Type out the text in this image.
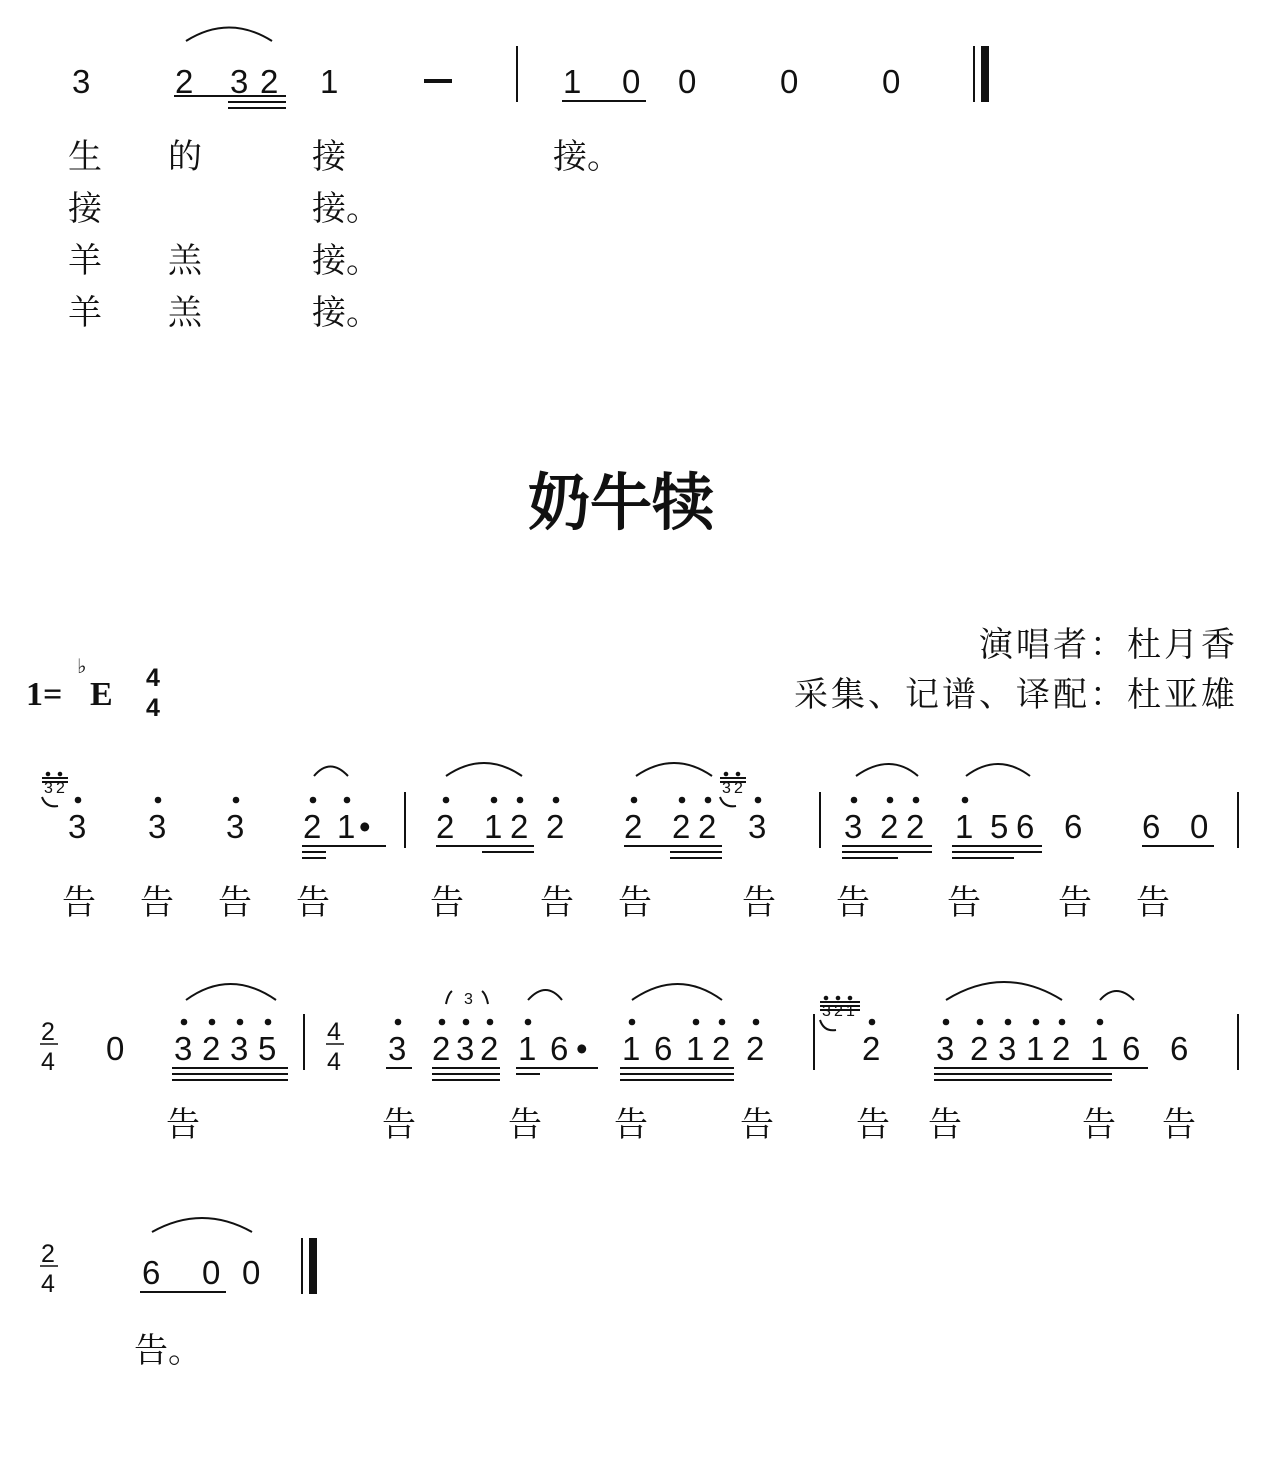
3	2 3 2 1	1 0 0	0	0
生 的	接	接。
接	接。
羊 羔	接。
羊 羔	接。
奶牛犊
演唱者：杜月香
采集、记谱、译配：杜亚雄
1=
♭
E 4
4
3 2	3 2
3 3 3 2 1 • 2 1 2 2 2 2 2 3 3 2 2 1 5 6 6 6 0
告 告 告 告	告 告 告	告 告 告 告 告
2
4
4
4
3
3 2 1
0 3 2 3 5	3 2 3 2 1 6 • 1 6 1 2 2	2 3 2 3 1 2 1 6 6
告	告	告 告	告 告 告	告 告
2
4	6 0 0
告。
